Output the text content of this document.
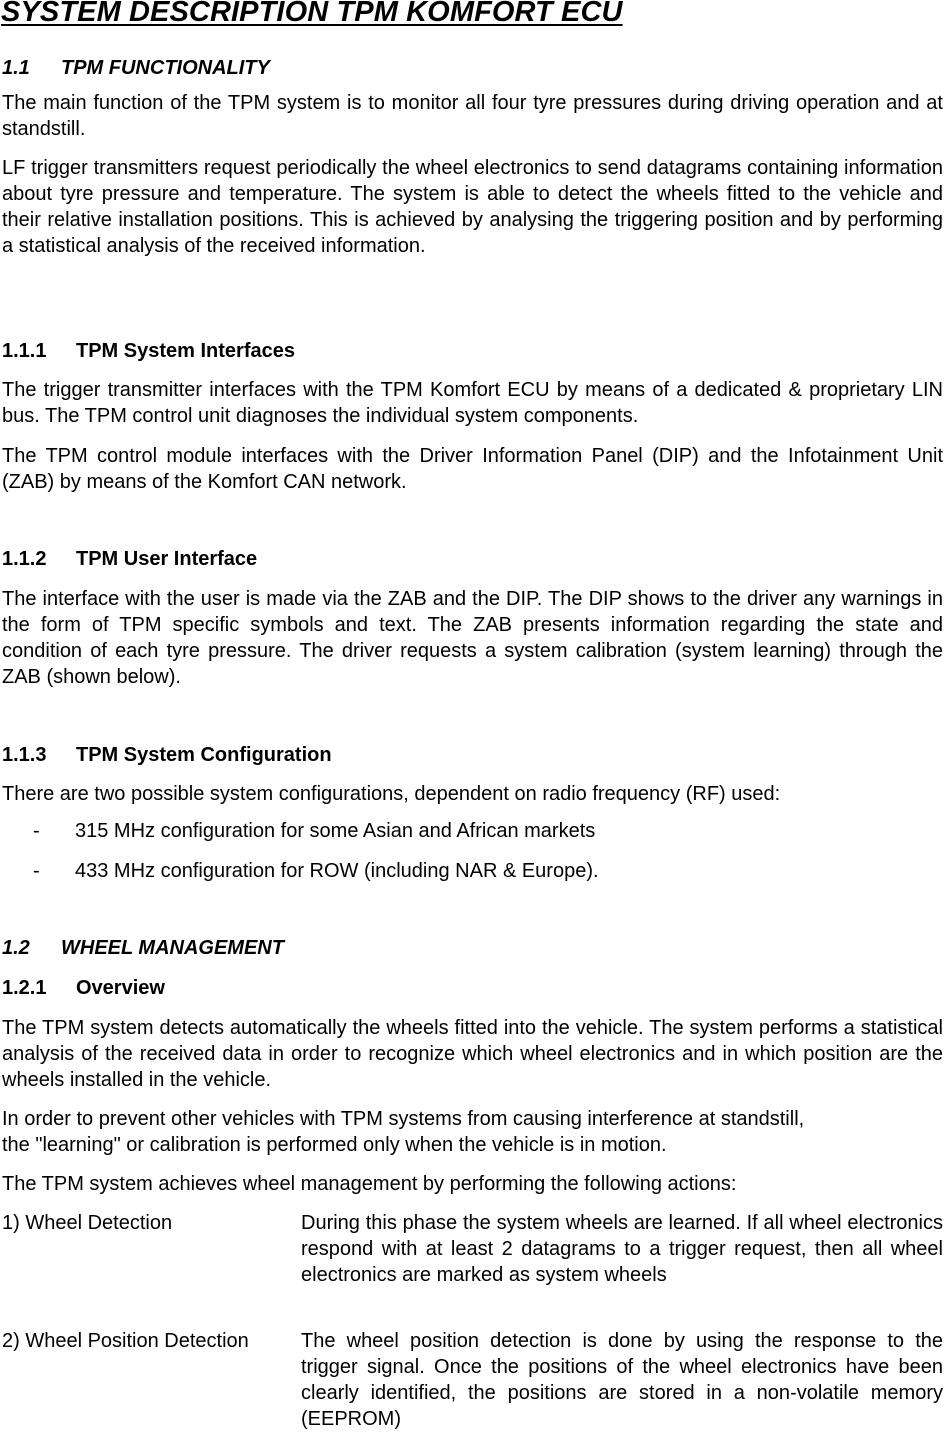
SYSTEM DESCRIPTION TPM KOMFORT ECU
1.1 TPM FUNCTIONALITY
The main function of the TPM system is to monitor all four tyre pressures during driving operation and at standstill.
LF trigger transmitters request periodically the wheel electronics to send datagrams containing information about tyre pressure and temperature. The system is able to detect the wheels fitted to the vehicle and their relative installation positions. This is achieved by analysing the triggering position and by performing a statistical analysis of the received information.
1.1.1 TPM System Interfaces
The trigger transmitter interfaces with the TPM Komfort ECU by means of a dedicated & proprietary LIN bus. The TPM control unit diagnoses the individual system components.
The TPM control module interfaces with the Driver Information Panel (DIP) and the Infotainment Unit (ZAB) by means of the Komfort CAN network.
1.1.2 TPM User Interface
The interface with the user is made via the ZAB and the DIP. The DIP shows to the driver any warnings in the form of TPM specific symbols and text. The ZAB presents information regarding the state and condition of each tyre pressure. The driver requests a system calibration (system learning) through the ZAB (shown below).
1.1.3 TPM System Configuration
There are two possible system configurations, dependent on radio frequency (RF) used:
- 315 MHz configuration for some Asian and African markets
- 433 MHz configuration for ROW (including NAR & Europe).
1.2 WHEEL MANAGEMENT
1.2.1 Overview
The TPM system detects automatically the wheels fitted into the vehicle. The system performs a statistical analysis of the received data in order to recognize which wheel electronics and in which position are the wheels installed in the vehicle.
In order to prevent other vehicles with TPM systems from causing interference at standstill,
the "learning" or calibration is performed only when the vehicle is in motion.
The TPM system achieves wheel management by performing the following actions:
1) Wheel Detection	During this phase the system wheels are learned. If all wheel electronics respond with at least 2 datagrams to a trigger request, then all wheel electronics are marked as system wheels
2) Wheel Position Detection	The wheel position detection is done by using the response to the trigger signal. Once the positions of the wheel electronics have been clearly identified, the positions are stored in a non-volatile memory (EEPROM)
